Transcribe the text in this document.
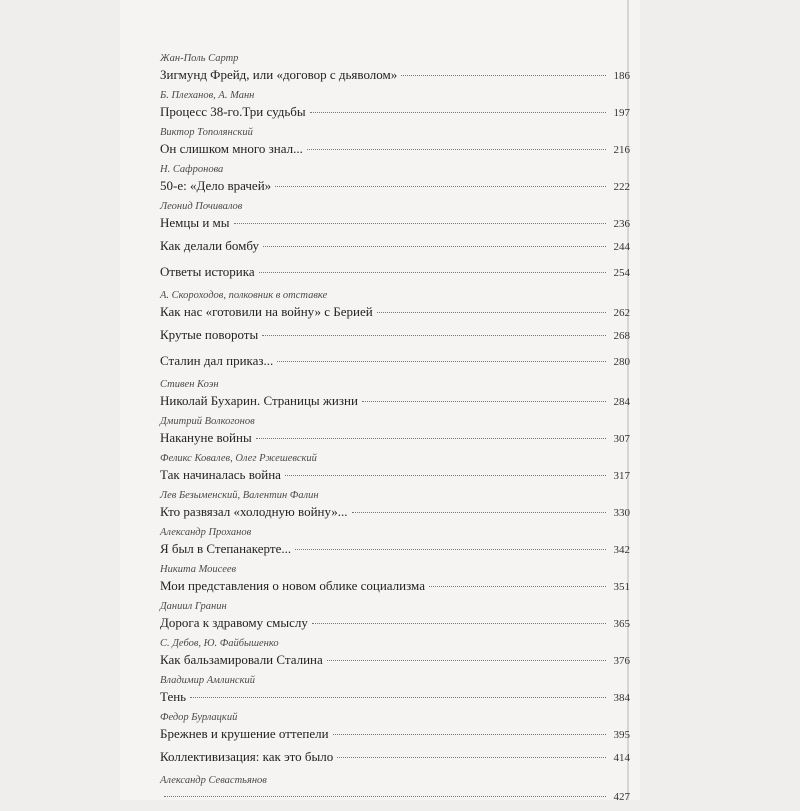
Жан-Поль Сартр
Зигмунд Фрейд, или «договор с дьяволом»	186
Б. Плеханов, А. Манн
Процесс 38-го.Три судьбы	197
Виктор Тополянский
Он слишком много знал...	216
Н. Сафронова
50-е: «Дело врачей»	222
Леонид Почивалов
Немцы и мы	236
Как делали бомбу	244
Ответы историка	254
А. Скороходов, полковник в отставке
Как нас «готовили на войну» с Берией	262
Крутые повороты	268
Сталин дал приказ...	280
Стивен Коэн
Николай Бухарин. Страницы жизни	284
Дмитрий Волкогонов
Накануне войны	307
Феликс Ковалев, Олег Ржешевский
Так начиналась война	317
Лев Безыменский, Валентин Фалин
Кто развязал «холодную войну»...	330
Александр Проханов
Я был в Степанакерте...	342
Никита Моисеев
Мои представления о новом облике социализма	351
Даниил Гранин
Дорога к здравому смыслу	365
С. Дебов, Ю. Файбышенко
Как бальзамировали Сталина	376
Владимир Амлинский
Тень	384
Федор Бурлацкий
Брежнев и крушение оттепели	395
Коллективизация: как это было	414
Александр Севастьянов
427
